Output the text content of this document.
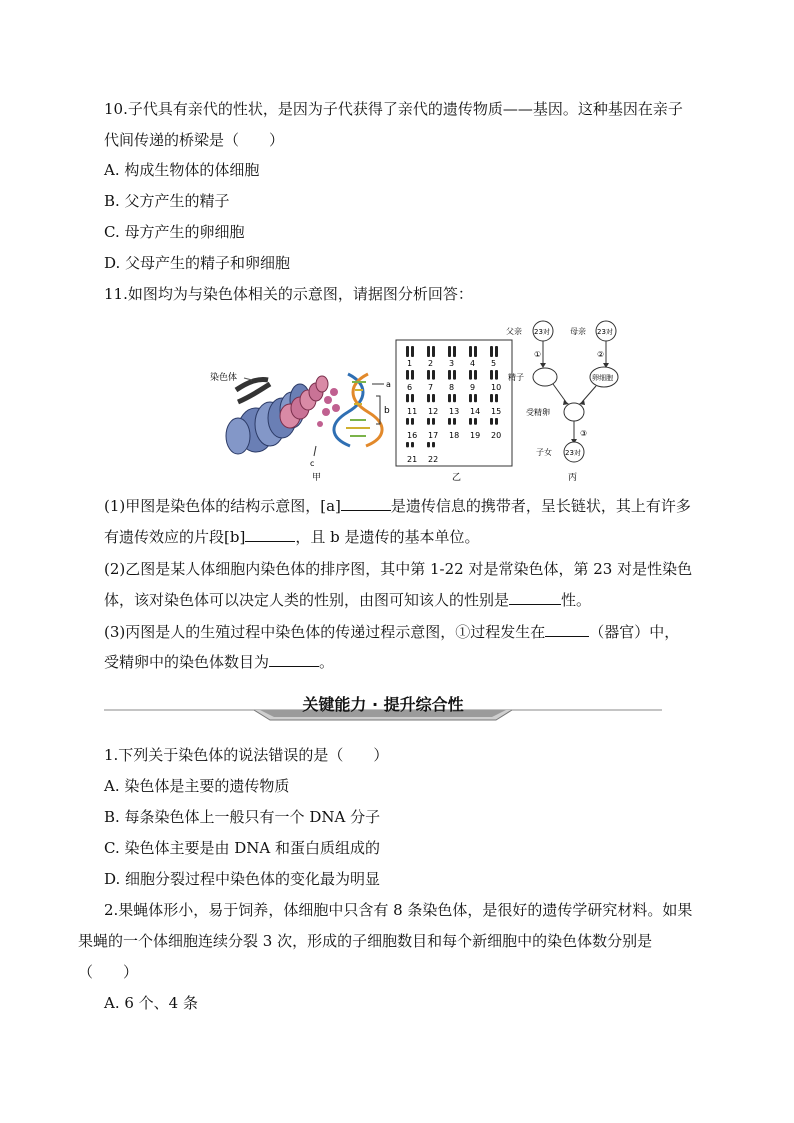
10.子代具有亲代的性状，是因为子代获得了亲代的遗传物质——基因。这种基因在亲子
代间传递的桥梁是（　　）
A. 构成生物体的体细胞
B. 父方产生的精子
C. 母方产生的卵细胞
D. 父母产生的精子和卵细胞
11.如图均为与染色体相关的示意图，请据图分析回答：
染色体
a
b
c
甲
1 2 3 4 5
6 7 8 9 10
11 12 13 14 15
16 17 18 19 20
21 22
乙
父亲 23对	母亲 23对
①	②
精子	卵细胞
受精卵
③
子女 23对
丙
(1)甲图是染色体的结构示意图，[a]	是遗传信息的携带者，呈长链状，其上有许多
有遗传效应的片段[b]	，且 b 是遗传的基本单位。
(2)乙图是某人体细胞内染色体的排序图，其中第 1-22 对是常染色体，第 23 对是性染色
体，该对染色体可以决定人类的性别，由图可知该人的性别是	性。
(3)丙图是人的生殖过程中染色体的传递过程示意图，①过程发生在	（器官）中，
受精卵中的染色体数目为	。
关键能力 · 提升综合性
1.下列关于染色体的说法错误的是（　　）
A. 染色体是主要的遗传物质
B. 每条染色体上一般只有一个 DNA 分子
C. 染色体主要是由 DNA 和蛋白质组成的
D. 细胞分裂过程中染色体的变化最为明显
2.果蝇体形小，易于饲养，体细胞中只含有 8 条染色体，是很好的遗传学研究材料。如果
果蝇的一个体细胞连续分裂 3 次，形成的子细胞数目和每个新细胞中的染色体数分别是
（　　）
A. 6 个、4 条
